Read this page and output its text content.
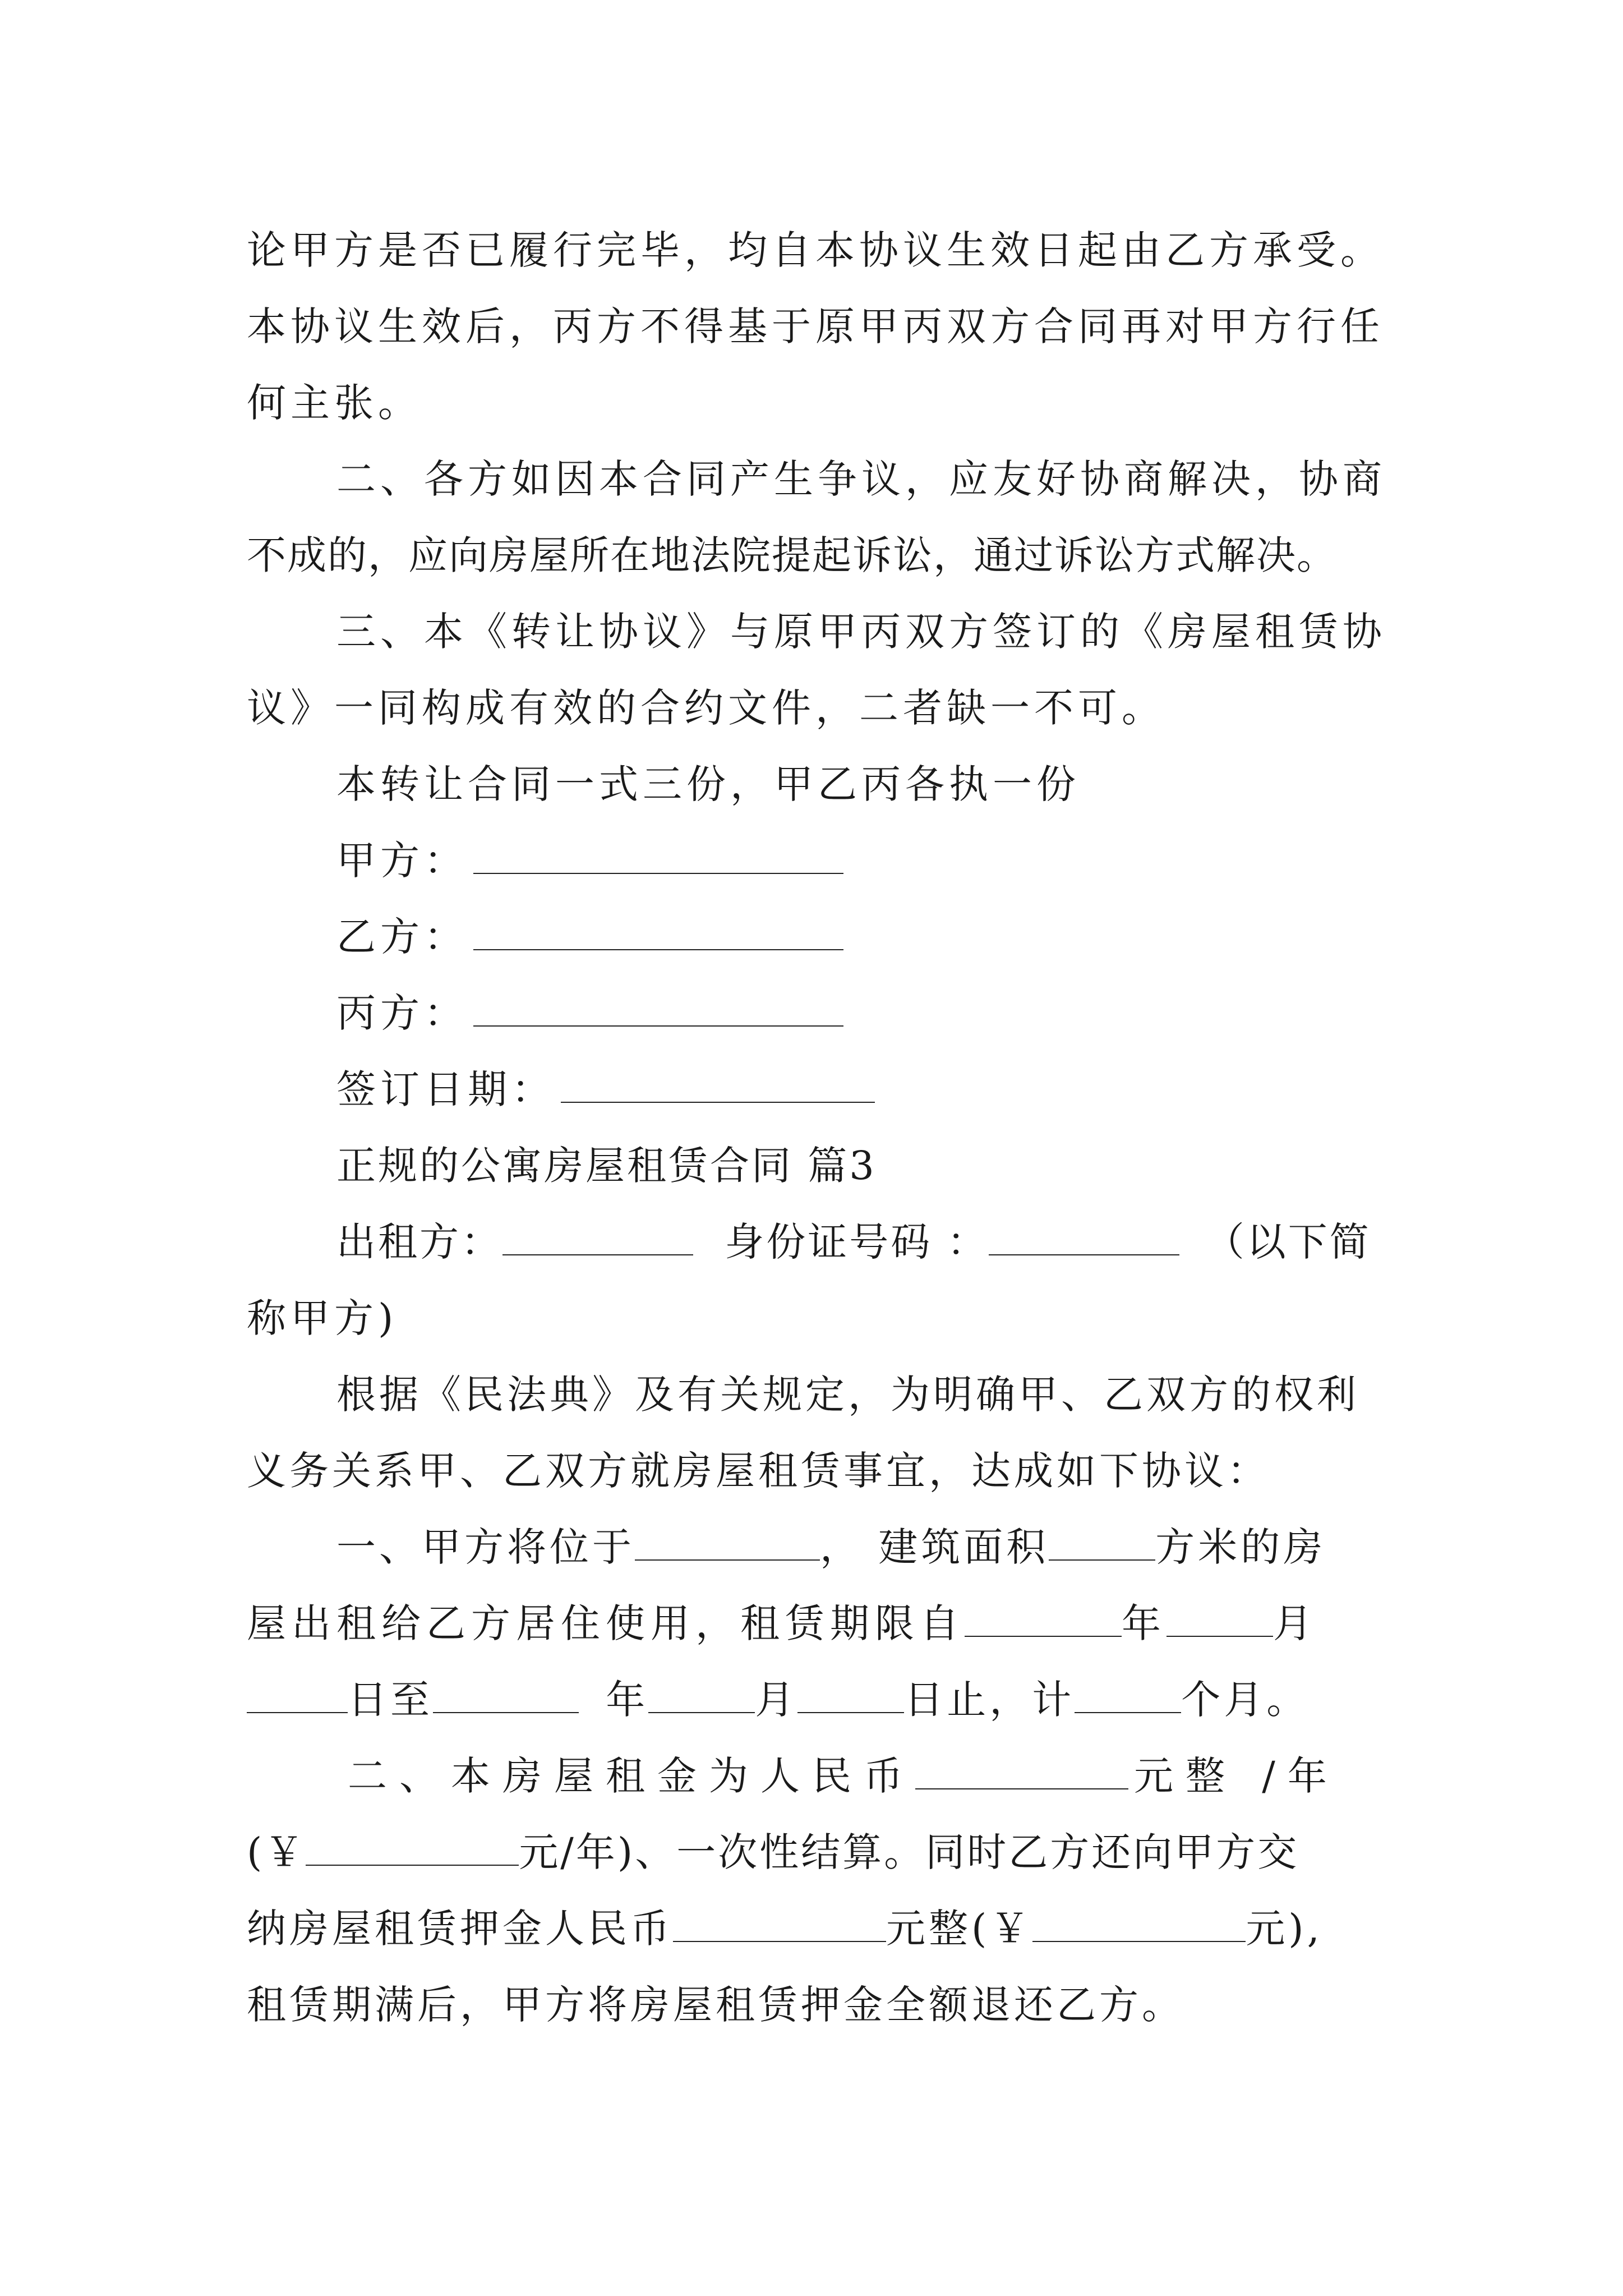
论甲方是否已履行完毕，均自本协议生效日起由乙方承受。
本协议生效后，丙方不得基于原甲丙双方合同再对甲方行任
何主张。
二、各方如因本合同产生争议，应友好协商解决，协商
不成的，应向房屋所在地法院提起诉讼，通过诉讼方式解决。
三、本《转让协议》与原甲丙双方签订的《房屋租赁协
议》一同构成有效的合约文件，二者缺一不可。
本转让合同一式三份，甲乙丙各执一份
甲方：
乙方：
丙方：
签订日期：
正规的公寓房屋租赁合同 篇3
出租方：	身份证号码 ：	（以下简
称甲方)
根据《民法典》及有关规定，为明确甲、乙双方的权利
义务关系甲、乙双方就房屋租赁事宜，达成如下协议：
一、甲方将位于	， 建筑面积	方米的房
屋出租给乙方居住使用，租赁期限自	年	月
日至	年	月	日止，计	个月。
二、本房屋租金为人民币	元整 /年
(￥	元/年)、一次性结算。同时乙方还向甲方交
纳房屋租赁押金人民币	元整(￥	元),
租赁期满后，甲方将房屋租赁押金全额退还乙方。
